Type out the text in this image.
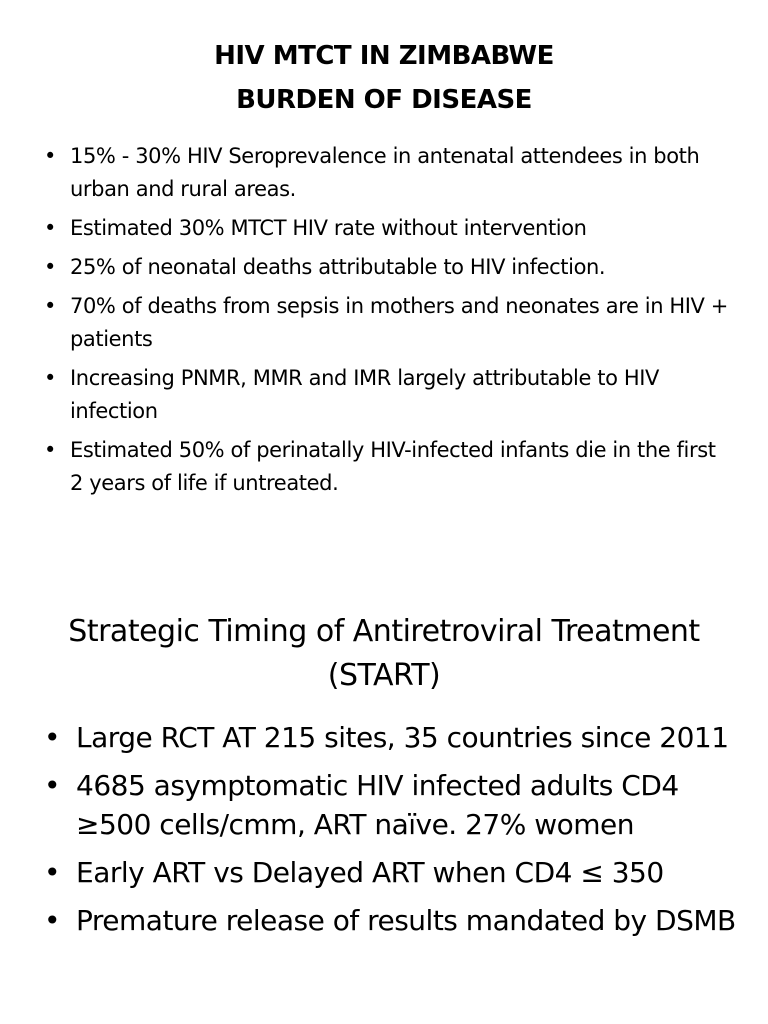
HIV MTCT IN ZIMBABWE
BURDEN OF DISEASE
• 15% - 30% HIV Seroprevalence in antenatal attendees in both urban and rural areas.
• Estimated 30% MTCT HIV rate without intervention
• 25% of neonatal deaths attributable to HIV infection.
• 70% of deaths from sepsis in mothers and neonates are in HIV + patients
• Increasing PNMR, MMR and IMR largely attributable to HIV infection
• Estimated 50% of perinatally HIV-infected infants die in the first 2 years of life if untreated.
Strategic Timing of Antiretroviral Treatment
(START)
• Large RCT AT 215 sites, 35 countries since 2011
• 4685 asymptomatic HIV infected adults CD4 ≥500 cells/cmm, ART naïve. 27% women
• Early ART vs Delayed ART when CD4 ≤ 350
• Premature release of results mandated by DSMB
